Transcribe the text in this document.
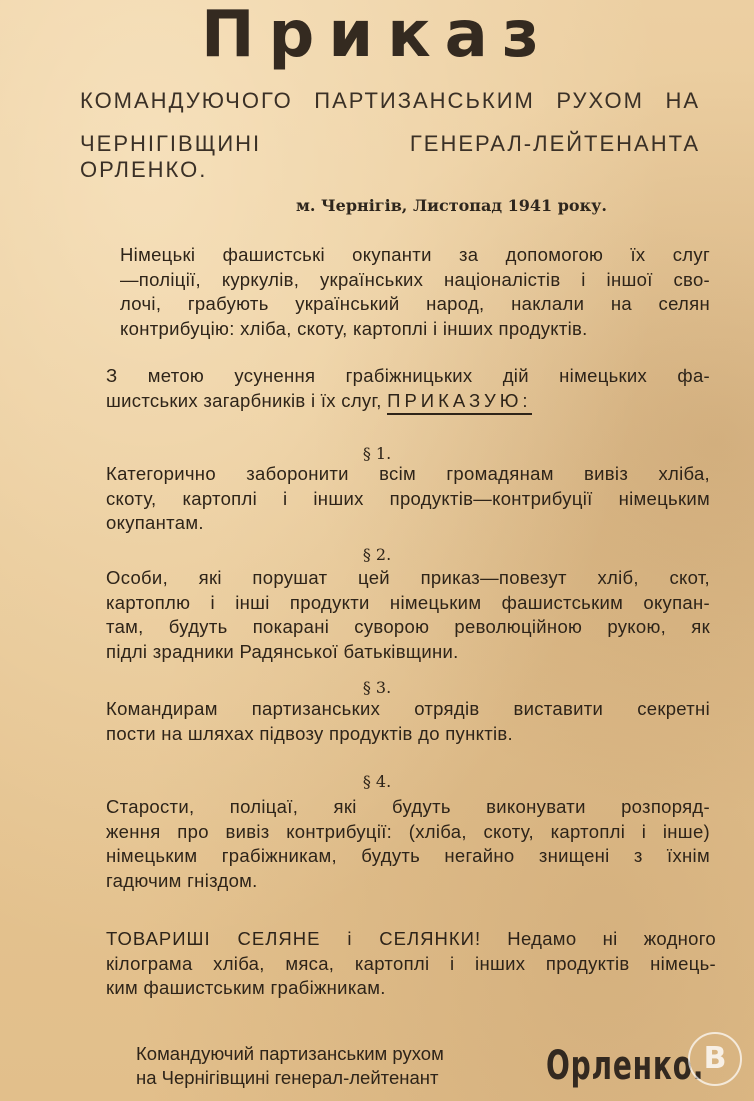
Приказ
КОМАНДУЮЧОГО ПАРТИЗАНСЬКИМ РУХОМ НА
ЧЕРНІГІВЩИНІ ГЕНЕРАЛ-ЛЕЙТЕНАНТА ОРЛЕНКО.
м. Чернігів, Листопад 1941 року.
Німецькі фашистські окупанти за допомогою їх слуг
—поліції, куркулів, українських націоналістів і іншої сво-
лочі, грабують український народ, наклали на селян
контрибуцію: хліба, скоту, картоплі і інших продуктів.
З метою усунення грабіжницьких дій німецьких фа-
шистських загарбників і їх слуг, ПРИКАЗУЮ:
§ 1.
Категорично заборонити всім громадянам вивіз хліба,
скоту, картоплі і інших продуктів—контрибуції німецьким
окупантам.
§ 2.
Особи, які порушат цей приказ—повезут хліб, скот,
картоплю і інші продукти німецьким фашистським окупан-
там, будуть покарані суворою революційною рукою, як
підлі зрадники Радянської батьківщини.
§ 3.
Командирам партизанських отрядів виставити секретні
пости на шляхах підвозу продуктів до пунктів.
§ 4.
Старости, поліцаї, які будуть виконувати розпоряд-
ження про вивіз контрибуції: (хліба, скоту, картоплі і інше)
німецьким грабіжникам, будуть негайно знищені з їхнім
гадючим гніздом.
ТОВАРИШІ СЕЛЯНЕ і СЕЛЯНКИ! Недамо ні жодного
кілограма хліба, мяса, картоплі і інших продуктів німець-
ким фашистським грабіжникам.
Командуючий партизанським рухом
на Чернігівщині генерал-лейтенант	Орленко. В
